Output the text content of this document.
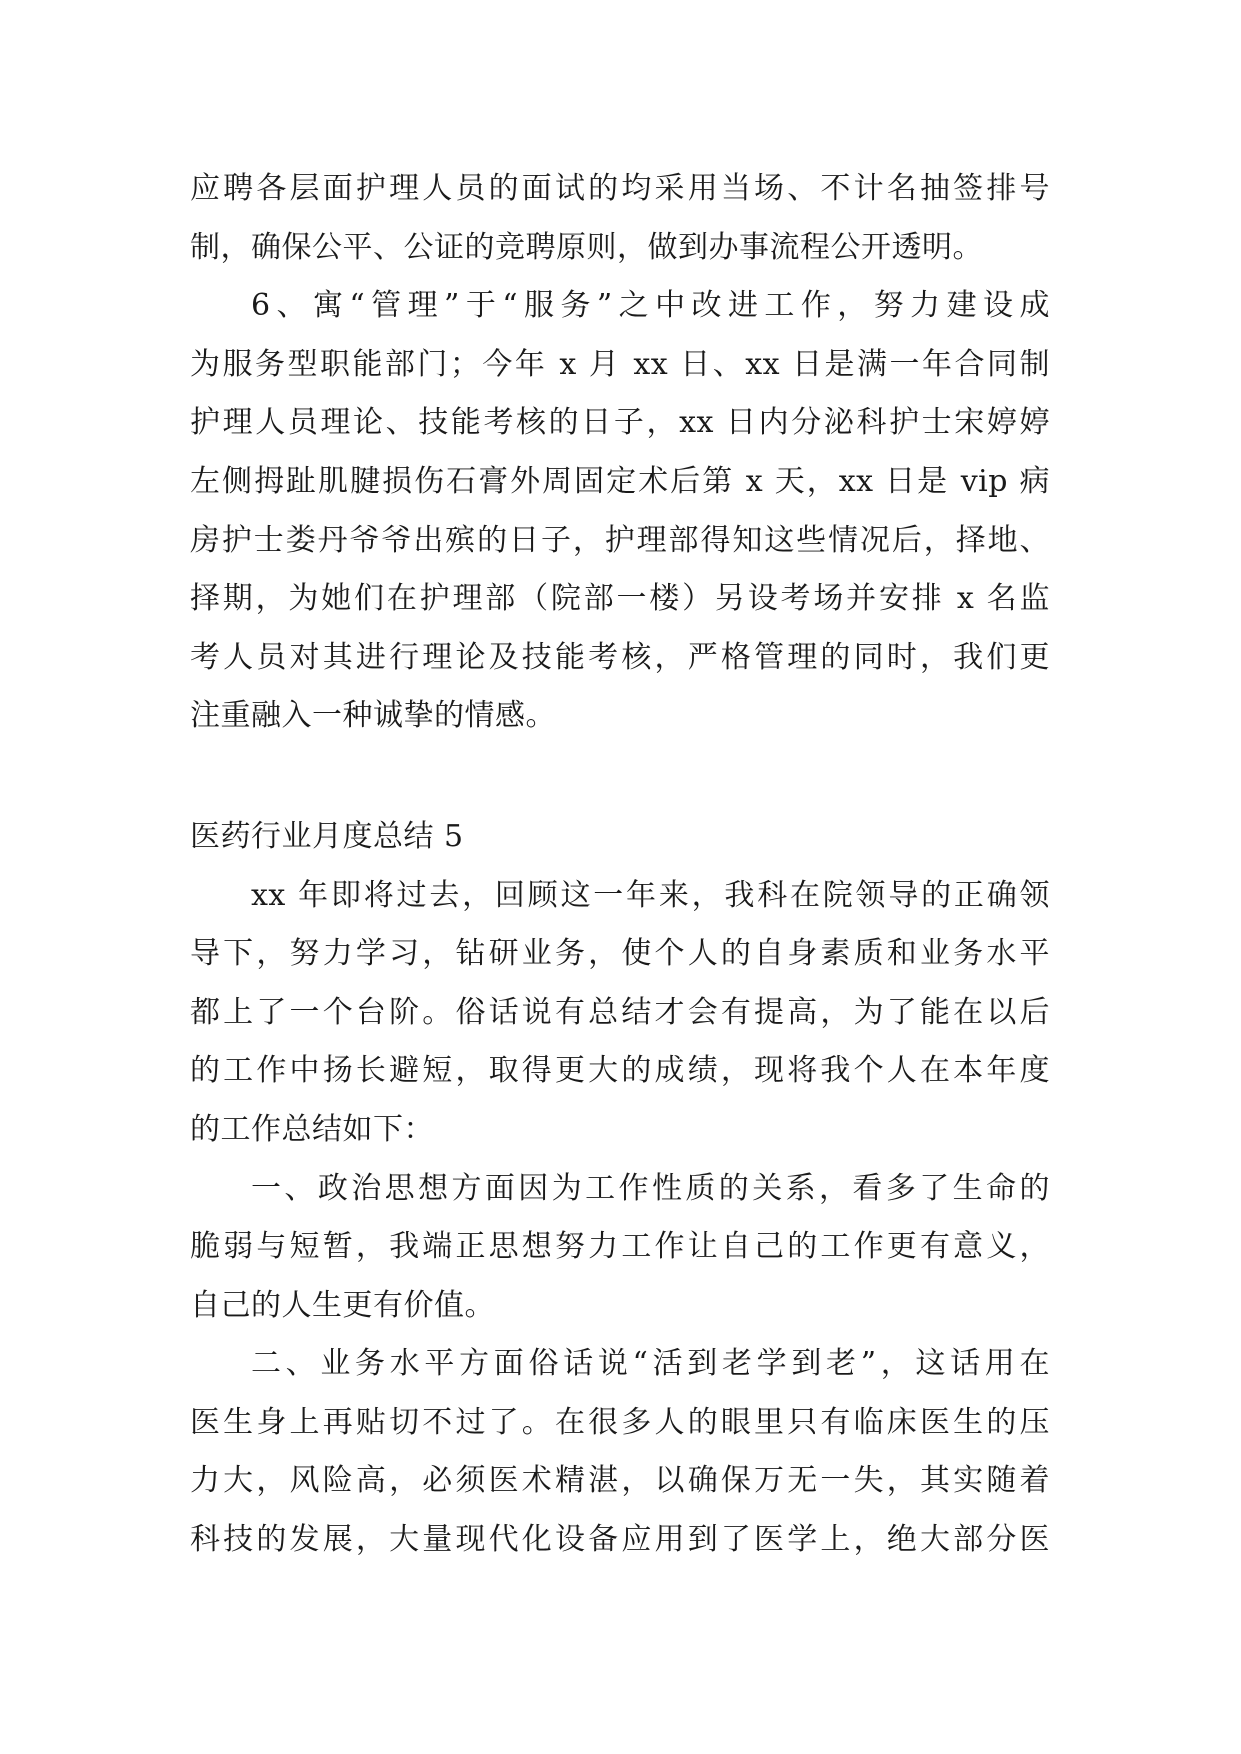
应聘各层面护理人员的面试的均采用当场、不计名抽签排号
制，确保公平、公证的竞聘原则，做到办事流程公开透明。
6、寓“管理”于“服务”之中改进工作，努力建设成
为服务型职能部门；今年 x 月 xx 日、xx 日是满一年合同制
护理人员理论、技能考核的日子，xx 日内分泌科护士宋婷婷
左侧拇趾肌腱损伤石膏外周固定术后第 x 天，xx 日是 vip 病
房护士娄丹爷爷出殡的日子，护理部得知这些情况后，择地、
择期，为她们在护理部（院部一楼）另设考场并安排 x 名监
考人员对其进行理论及技能考核，严格管理的同时，我们更
注重融入一种诚挚的情感。
医药行业月度总结 5
xx 年即将过去，回顾这一年来，我科在院领导的正确领
导下，努力学习，钻研业务，使个人的自身素质和业务水平
都上了一个台阶。俗话说有总结才会有提高，为了能在以后
的工作中扬长避短，取得更大的成绩，现将我个人在本年度
的工作总结如下：
一、政治思想方面因为工作性质的关系，看多了生命的
脆弱与短暂，我端正思想努力工作让自己的工作更有意义，
自己的人生更有价值。
二、业务水平方面俗话说“活到老学到老”，这话用在
医生身上再贴切不过了。在很多人的眼里只有临床医生的压
力大，风险高，必须医术精湛，以确保万无一失，其实随着
科技的发展，大量现代化设备应用到了医学上，绝大部分医
